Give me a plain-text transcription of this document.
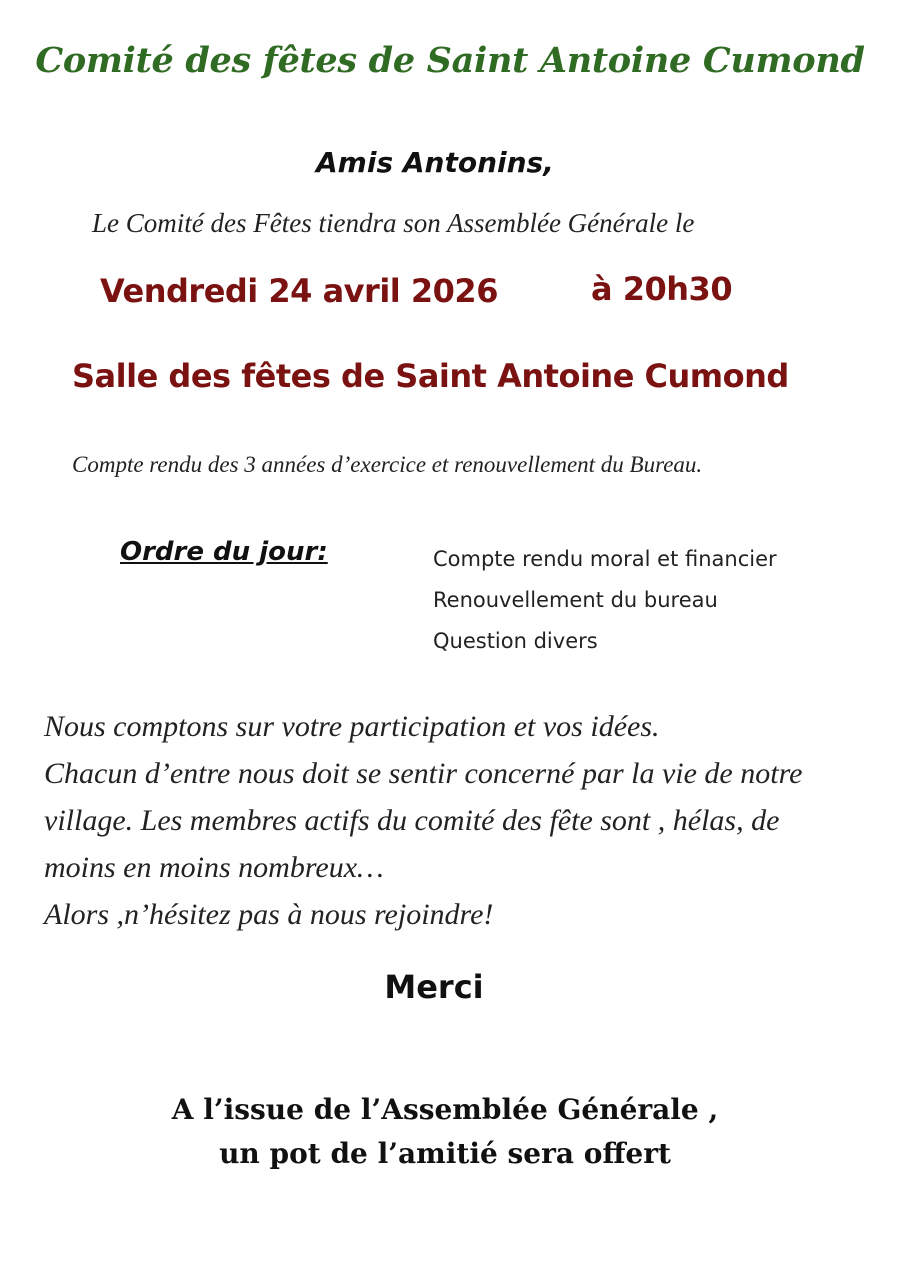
Comité des fêtes de Saint Antoine Cumond
Amis Antonins,
Le Comité des Fêtes tiendra son Assemblée Générale le
Vendredi 24 avril 2026	à 20h30
Salle des fêtes de Saint Antoine Cumond
Compte rendu des 3 années d’exercice et renouvellement du Bureau.
Ordre du jour:	Compte rendu moral et financier
Renouvellement du bureau
Question divers
Nous comptons sur votre participation et vos idées.
Chacun d’entre nous doit se sentir concerné par la vie de notre
village. Les membres actifs du comité des fête sont , hélas, de
moins en moins nombreux…
Alors ,n’hésitez pas à nous rejoindre!
Merci
A l’issue de l’Assemblée Générale ,
un pot de l’amitié sera offert
